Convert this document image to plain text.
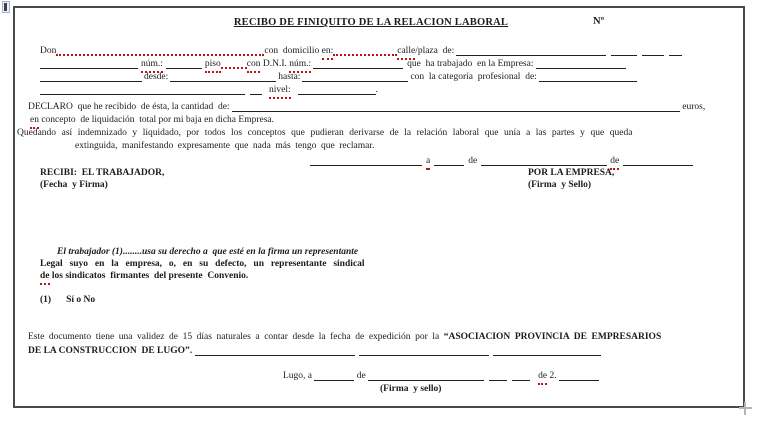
RECIBO DE FINIQUITO DE LA RELACION LABORAL	Nº
Don	con  domicilio en:	calle /plaza  de:
núm.:	piso	con D.N.I. núm.:	que  ha trabajado  en la Empresa:
desde:	hasta:	con  la categoría  profesional  de:
nivel:	.
DECLARO  que he recibido  de ésta, la cantidad  de:	euros,
en concepto  de liquidación  total por mi baja en dicha Empresa.
Quedando así indemnizado y liquidado, por todos los conceptos que pudieran derivarse de la relación laboral que unía a las partes y que queda
extinguida, manifestando expresamente que nada más tengo que reclamar.
a	de	de
RECIBI:  EL TRABAJADOR,	POR LA EMPRESA,
(Fecha  y Firma)	(Firma  y Sello)
El trabajador (1)........usa su derecho a  que esté en la firma un representante
Legal suyo en la empresa, o, en su defecto, un representante sindical
de los sindicatos  firmantes  del presente  Convenio.
(1) Sí o No
Este documento tiene una validez de 15 días naturales a contar desde la fecha de expedición por la “ASOCIACION PROVINCIA DE EMPRESARIOS
DE LA CONSTRUCCION  DE LUGO”.
Lugo, a	de	de 2.
(Firma  y sello)
